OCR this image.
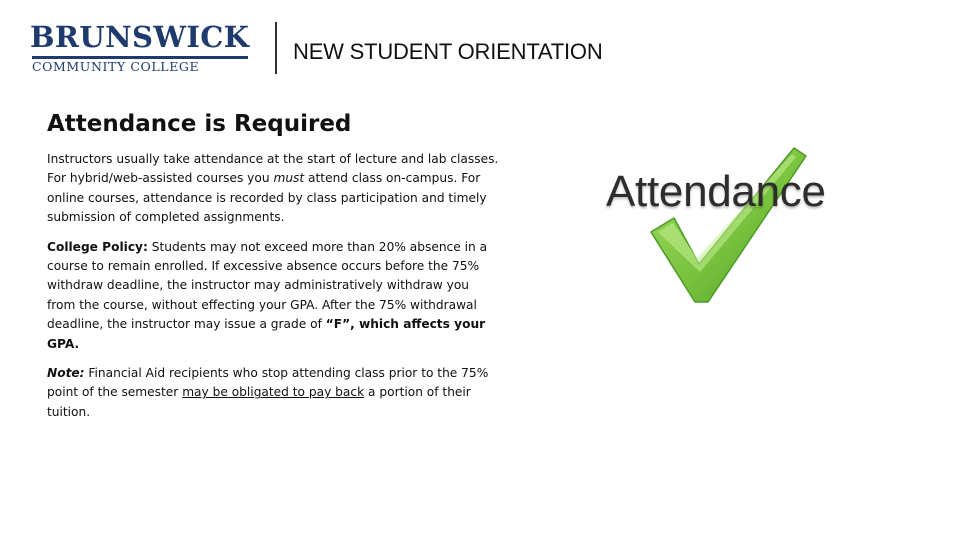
BRUNSWICK
COMMUNITY COLLEGE
NEW STUDENT ORIENTATION
Attendance is Required

Instructors usually take attendance at the start of lecture and lab classes. For hybrid/web-assisted courses you must attend class on-campus. For online courses, attendance is recorded by class participation and timely submission of completed assignments.

College Policy: Students may not exceed more than 20% absence in a course to remain enrolled. If excessive absence occurs before the 75% withdraw deadline, the instructor may administratively withdraw you from the course, without effecting your GPA. After the 75% withdrawal deadline, the instructor may issue a grade of “F”, which affects your GPA.

Note: Financial Aid recipients who stop attending class prior to the 75% point of the semester may be obligated to pay back a portion of their tuition.

Attendance
